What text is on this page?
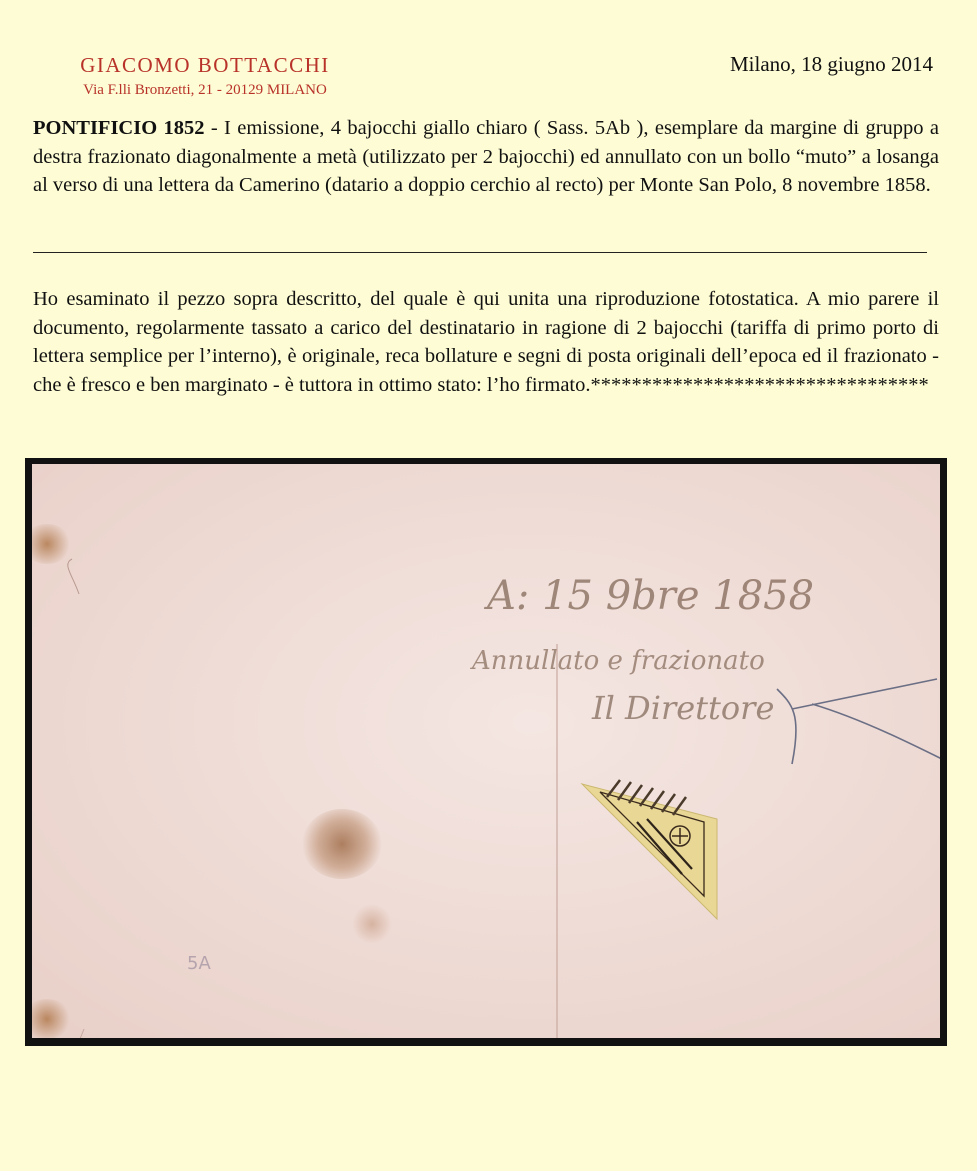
GIACOMO BOTTACCHI
Via F.lli Bronzetti, 21 - 20129 MILANO
Milano, 18 giugno 2014
PONTIFICIO 1852 - I emissione, 4 bajocchi giallo chiaro ( Sass. 5Ab ), esemplare da margine di gruppo a destra frazionato diagonalmente a metà (utilizzato per 2 bajocchi) ed annullato con un bollo “muto” a losanga al verso di una lettera da Camerino (datario a doppio cerchio al recto) per Monte San Polo, 8 novembre 1858.
Ho esaminato il pezzo sopra descritto, del quale è qui unita una riproduzione fotostatica. A mio parere il documento, regolarmente tassato a carico del destinatario in ragione di 2 bajocchi (tariffa di primo porto di lettera semplice per l’interno), è originale, reca bollature e segni di posta originali dell’epoca ed il frazionato - che è fresco e ben marginato - è tuttora in ottimo stato: l’ho firmato.*********************************
A: 15 9bre 1858
Annullato e frazionato
Il Direttore
5A
